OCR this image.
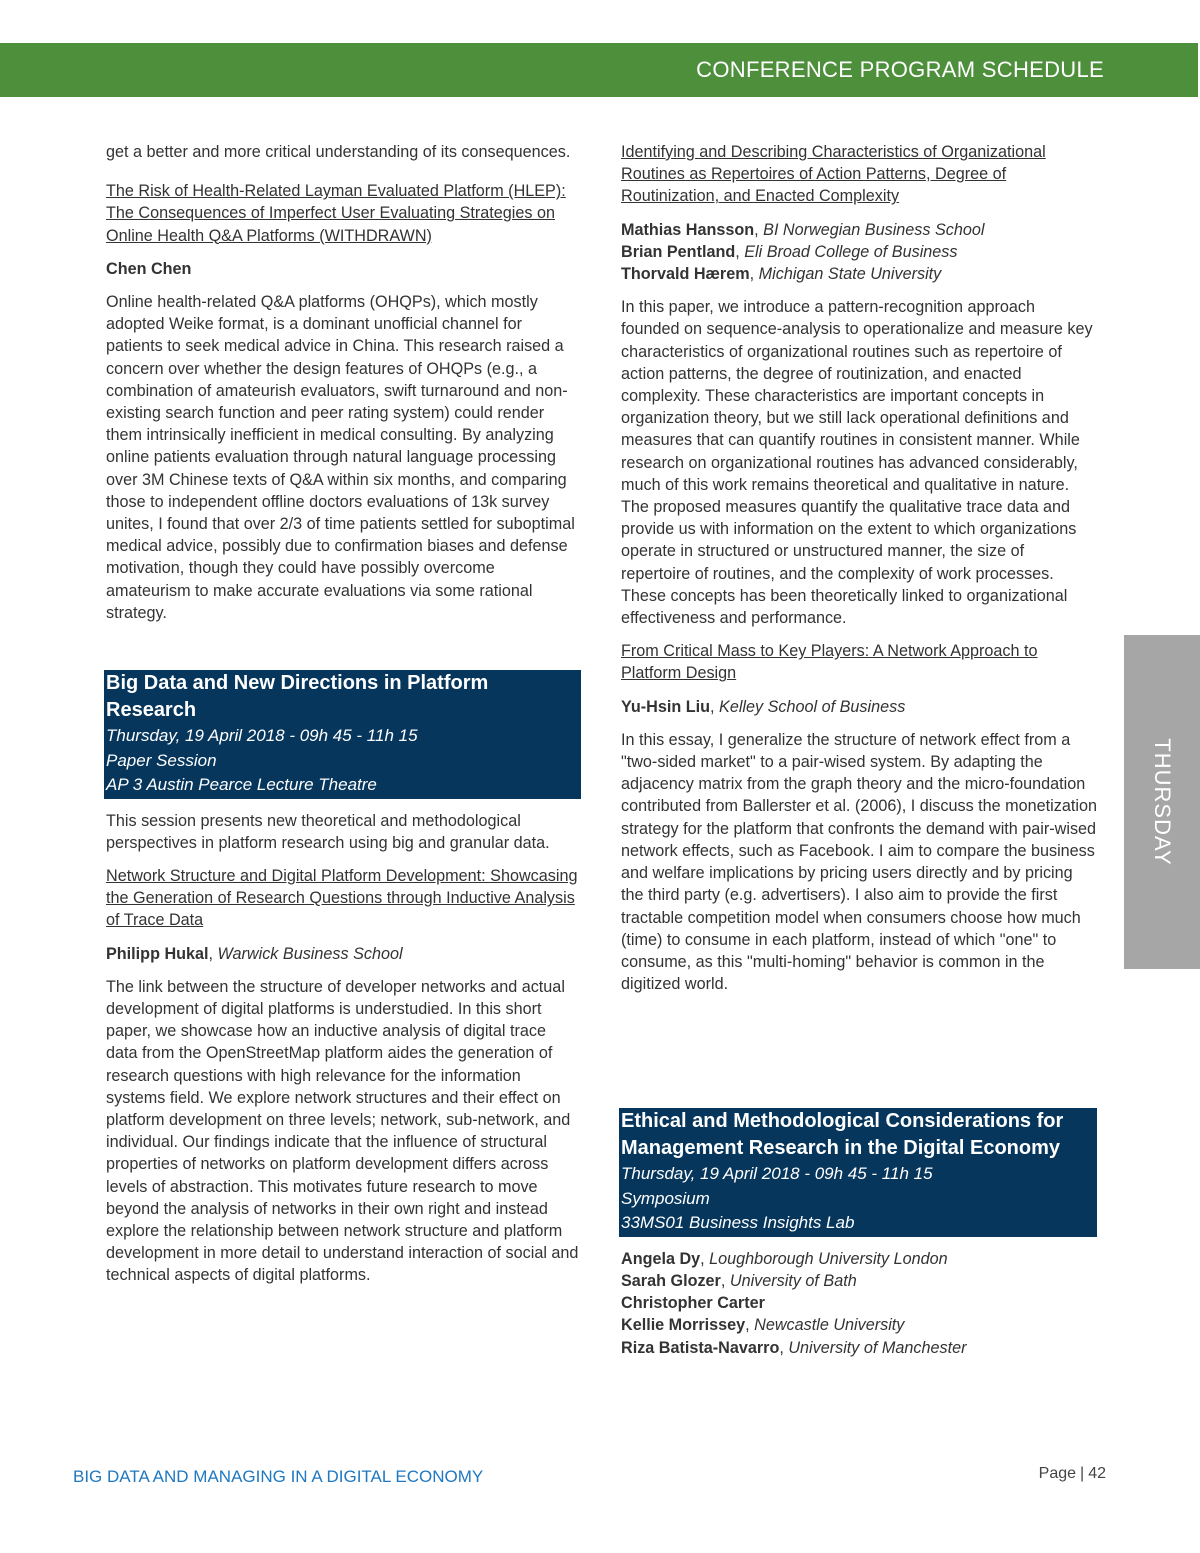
CONFERENCE PROGRAM SCHEDULE

get a better and more critical understanding of its consequences.

The Risk of Health-Related Layman Evaluated Platform (HLEP): The Consequences of Imperfect User Evaluating Strategies on Online Health Q&A Platforms (WITHDRAWN)

Chen Chen

Online health-related Q&A platforms (OHQPs), which mostly adopted Weike format, is a dominant unofficial channel for patients to seek medical advice in China. This research raised a concern over whether the design features of OHQPs (e.g., a combination of amateurish evaluators, swift turnaround and non-existing search function and peer rating system) could render them intrinsically inefficient in medical consulting. By analyzing online patients evaluation through natural language processing over 3M Chinese texts of Q&A within six months, and comparing those to independent offline doctors evaluations of 13k survey unites, I found that over 2/3 of time patients settled for suboptimal medical advice, possibly due to confirmation biases and defense motivation, though they could have possibly overcome amateurism to make accurate evaluations via some rational strategy.

Big Data and New Directions in Platform Research
Thursday, 19 April 2018 - 09h 45 - 11h 15
Paper Session
AP 3 Austin Pearce Lecture Theatre

This session presents new theoretical and methodological perspectives in platform research using big and granular data.

Network Structure and Digital Platform Development: Showcasing the Generation of Research Questions through Inductive Analysis of Trace Data

Philipp Hukal, Warwick Business School

The link between the structure of developer networks and actual development of digital platforms is understudied. In this short paper, we showcase how an inductive analysis of digital trace data from the OpenStreetMap platform aides the generation of research questions with high relevance for the information systems field. We explore network structures and their effect on platform development on three levels; network, sub-network, and individual. Our findings indicate that the influence of structural properties of networks on platform development differs across levels of abstraction. This motivates future research to move beyond the analysis of networks in their own right and instead explore the relationship between network structure and platform development in more detail to understand interaction of social and technical aspects of digital platforms.

Identifying and Describing Characteristics of Organizational Routines as Repertoires of Action Patterns, Degree of Routinization, and Enacted Complexity
Mathias Hansson, BI Norwegian Business School
Brian Pentland, Eli Broad College of Business
Thorvald Hærem, Michigan State University

In this paper, we introduce a pattern-recognition approach founded on sequence-analysis to operationalize and measure key characteristics of organizational routines such as repertoire of action patterns, the degree of routinization, and enacted complexity. These characteristics are important concepts in organization theory, but we still lack operational definitions and measures that can quantify routines in consistent manner. While research on organizational routines has advanced considerably, much of this work remains theoretical and qualitative in nature. The proposed measures quantify the qualitative trace data and provide us with information on the extent to which organizations operate in structured or unstructured manner, the size of repertoire of routines, and the complexity of work processes. These concepts has been theoretically linked to organizational effectiveness and performance.

From Critical Mass to Key Players: A Network Approach to Platform Design

Yu-Hsin Liu, Kelley School of Business

In this essay, I generalize the structure of network effect from a "two-sided market" to a pair-wised system. By adapting the adjacency matrix from the graph theory and the micro-foundation contributed from Ballerster et al. (2006), I discuss the monetization strategy for the platform that confronts the demand with pair-wised network effects, such as Facebook. I aim to compare the business and welfare implications by pricing users directly and by pricing the third party (e.g. advertisers). I also aim to provide the first tractable competition model when consumers choose how much (time) to consume in each platform, instead of which "one" to consume, as this "multi-homing" behavior is common in the digitized world.

Ethical and Methodological Considerations for Management Research in the Digital Economy
Thursday, 19 April 2018 - 09h 45 - 11h 15
Symposium
33MS01 Business Insights Lab
Angela Dy, Loughborough University London
Sarah Glozer, University of Bath
Christopher Carter
Kellie Morrissey, Newcastle University
Riza Batista-Navarro, University of Manchester
THURSDAY
BIG DATA AND MANAGING IN A DIGITAL ECONOMY	Page | 42
